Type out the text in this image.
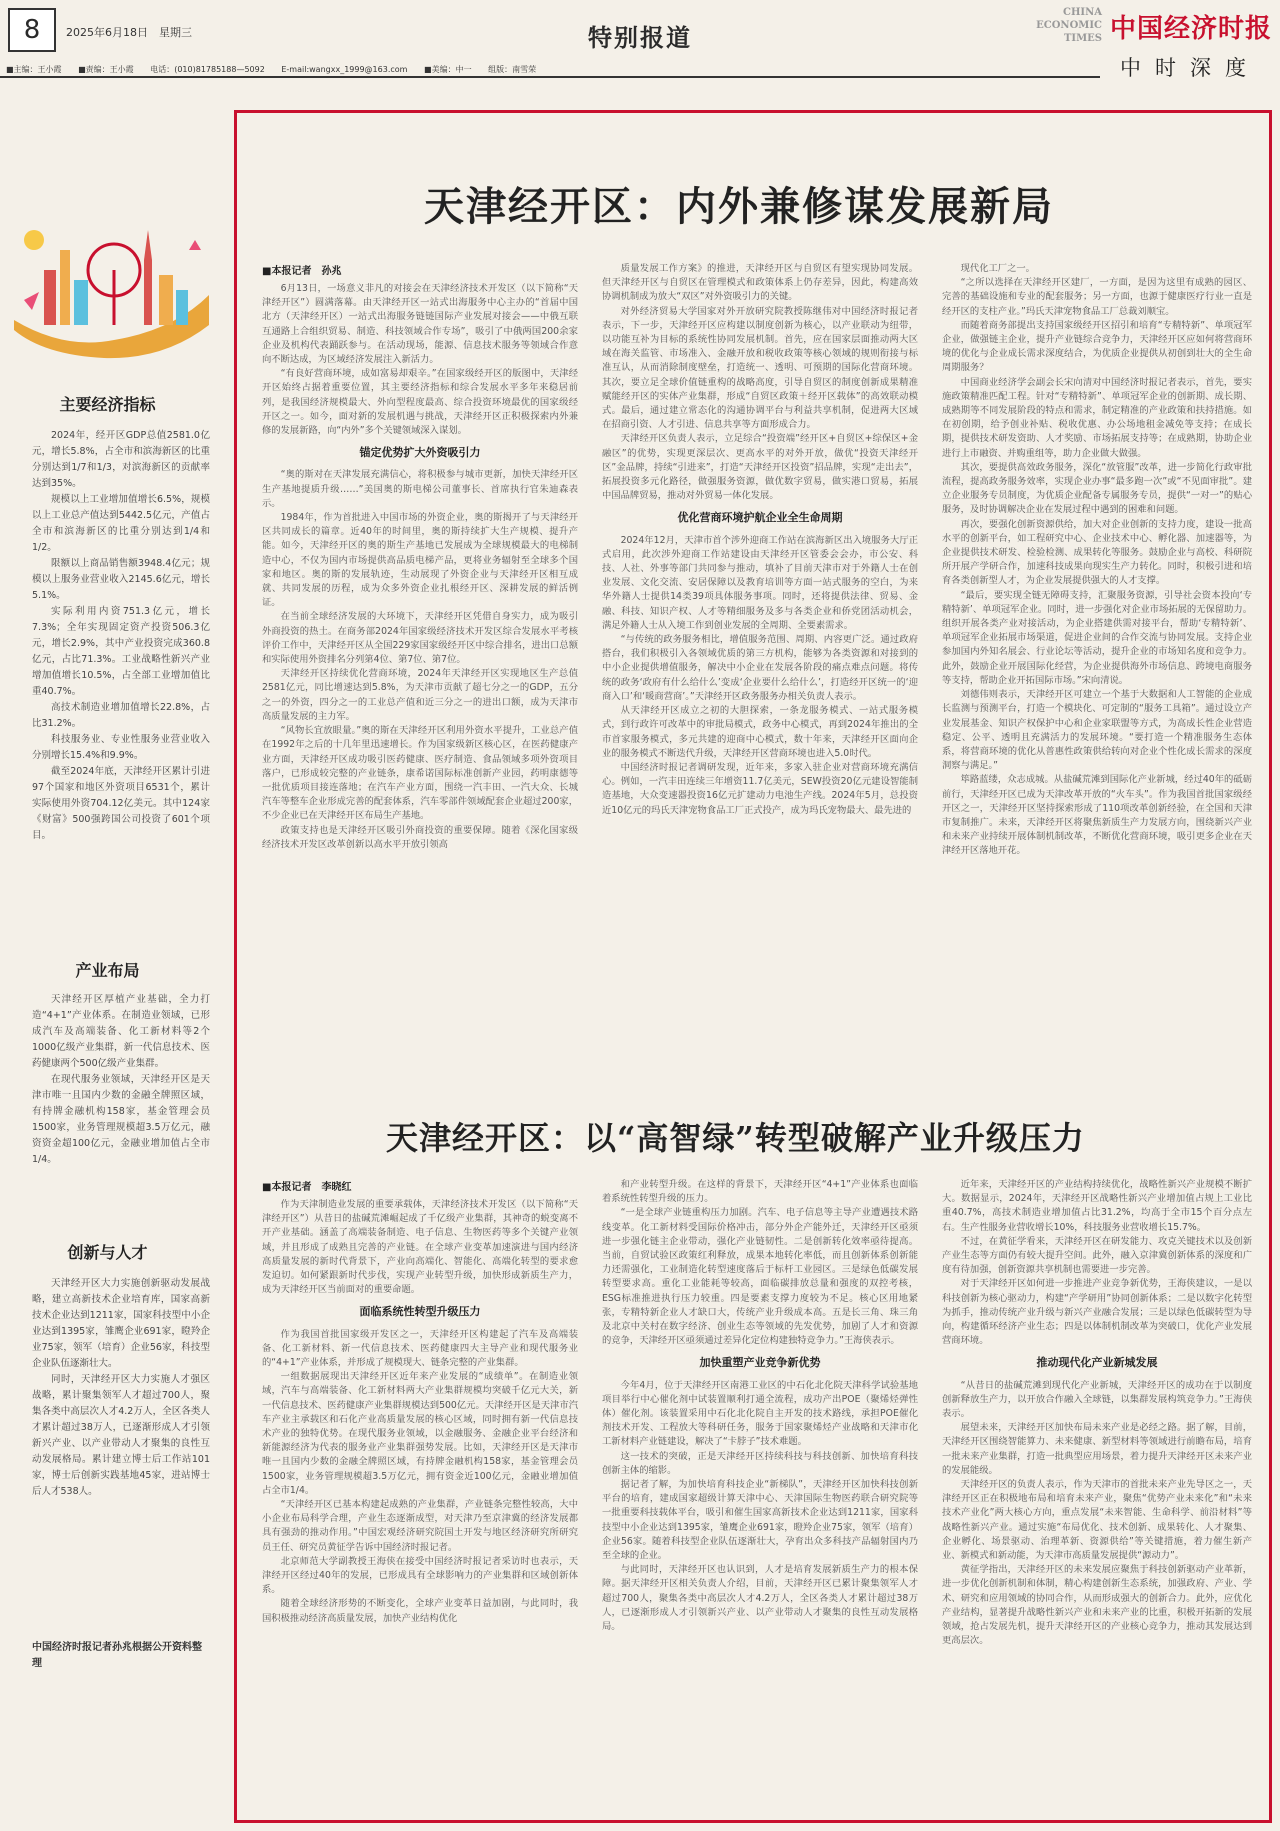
8	2025年6月18日　星期三	特别报道
CHINA ECONOMIC TIMES 中国经济时报
中时深度
■主编：王小霞 ■责编：王小霞 电话：(010)81785188—5092 E-mail:wangxx_1999@163.com ■美编：中一 组版：南雪荣
主要经济指标

2024年，经开区GDP总值2581.0亿元，增长5.8%，占全市和滨海新区的比重分别达到1/7和1/3，对滨海新区的贡献率达到35%。

规模以上工业增加值增长6.5%，规模以上工业总产值达到5442.5亿元，产值占全市和滨海新区的比重分别达到1/4和1/2。

限额以上商品销售额3948.4亿元；规模以上服务业营业收入2145.6亿元，增长5.1%。

实际利用内资751.3亿元，增长7.3%；全年实现固定资产投资506.3亿元，增长2.9%，其中产业投资完成360.8亿元，占比71.3%。工业战略性新兴产业增加值增长10.5%，占全部工业增加值比重40.7%。

高技术制造业增加值增长22.8%，占比31.2%。

科技服务业、专业性服务业营业收入分别增长15.4%和9.9%。

截至2024年底，天津经开区累计引进97个国家和地区外资项目6531个，累计实际使用外资704.12亿美元。其中124家《财富》500强跨国公司投资了601个项目。

产业布局

天津经开区厚植产业基础，全力打造“4+1”产业体系。在制造业领域，已形成汽车及高端装备、化工新材料等2个1000亿级产业集群，新一代信息技术、医药健康两个500亿级产业集群。

在现代服务业领域，天津经开区是天津市唯一且国内少数的金融全牌照区域，有持牌金融机构158家，基金管理会员1500家，业务管理规模超3.5万亿元，融资资金超100亿元，金融业增加值占全市1/4。

创新与人才

天津经开区大力实施创新驱动发展战略，建立高新技术企业培育库，国家高新技术企业达到1211家，国家科技型中小企业达到1395家，雏鹰企业691家，瞪羚企业75家，领军（培育）企业56家，科技型企业队伍逐渐壮大。

同时，天津经开区大力实施人才强区战略，累计聚集领军人才超过700人，聚集各类中高层次人才4.2万人，全区各类人才累计超过38万人，已逐渐形成人才引领新兴产业、以产业带动人才聚集的良性互动发展格局。累计建立博士后工作站101家，博士后创新实践基地45家，进站博士后人才538人。

中国经济时报记者孙兆根据公开资料整理
天津经开区：内外兼修谋发展新局
■本报记者　孙兆

6月13日，一场意义非凡的对接会在天津经济技术开发区（以下简称“天津经开区”）圆满落幕。由天津经开区一站式出海服务中心主办的“首届中国北方（天津经开区）一站式出海服务链链国际产业发展对接会——中俄互联互通路上合组织贸易、制造、科技领域合作专场”，吸引了中俄两国200余家企业及机构代表踊跃参与。在活动现场，能源、信息技术服务等领域合作意向不断达成，为区域经济发展注入新活力。

“有良好营商环境，成如富易却艰辛。”在国家级经开区的版图中，天津经开区始终占据着重要位置，其主要经济指标和综合发展水平多年来稳居前列，是我国经济规模最大、外向型程度最高、综合投资环境最优的国家级经开区之一。如今，面对新的发展机遇与挑战，天津经开区正积极探索内外兼修的发展新路，向“内外”多个关键领域深入谋划。

锚定优势扩大外资吸引力

“奥的斯对在天津发展充满信心，将积极参与城市更新，加快天津经开区生产基地提质升级……”美国奥的斯电梯公司董事长、首席执行官朱迪森表示。

1984年，作为首批进入中国市场的外资企业，奥的斯揭开了与天津经开区共同成长的篇章。近40年的时间里，奥的斯持续扩大生产规模、提升产能。如今，天津经开区的奥的斯生产基地已发展成为全球规模最大的电梯制造中心，不仅为国内市场提供高品质电梯产品，更将业务辐射至全球多个国家和地区。奥的斯的发展轨迹，生动展现了外资企业与天津经开区相互成就、共同发展的历程，成为众多外资企业扎根经开区、深耕发展的鲜活例证。

在当前全球经济发展的大环境下，天津经开区凭借自身实力，成为吸引外商投资的热土。在商务部2024年国家级经济技术开发区综合发展水平考核评价工作中，天津经开区从全国229家国家级经开区中综合排名，进出口总额和实际使用外资排名分列第4位、第7位、第7位。

天津经开区持续优化营商环境，2024年天津经开区实现地区生产总值2581亿元，同比增速达到5.8%，为天津市贡献了超七分之一的GDP，五分之一的外资，四分之一的工业总产值和近三分之一的进出口额，成为天津市高质量发展的主力军。

“风物长宜放眼量。”奥的斯在天津经开区利用外资水平提升，工业总产值在1992年之后的十几年里迅速增长。作为国家级新区核心区，在医药健康产业方面，天津经开区成功吸引医药健康、医疗制造、食品领域多项外资项目落户，已形成较完整的产业链条，康希诺国际标准创新产业园，药明康德等一批优质项目接连落地；在汽车产业方面，围绕一汽丰田、一汽大众、长城汽车等整车企业形成完善的配套体系，汽车零部件领域配套企业超过200家，不少企业已在天津经开区布局生产基地。

政策支持也是天津经开区吸引外商投资的重要保障。随着《深化国家级经济技术开发区改革创新以高水平开放引领高

质量发展工作方案》的推进，天津经开区与自贸区有望实现协同发展。但天津经开区与自贸区在管理模式和政策体系上仍存差异，因此，构建高效协调机制成为放大“双区”对外资吸引力的关键。

对外经济贸易大学国家对外开放研究院教授陈继伟对中国经济时报记者表示，下一步，天津经开区应构建以制度创新为核心，以产业联动为纽带，以功能互补为目标的系统性协同发展机制。首先，应在国家层面推动两大区域在海关监管、市场准入、金融开放和税收政策等核心领域的规则衔接与标准互认，从而消除制度壁垒，打造统一、透明、可预期的国际化营商环境。其次，要立足全球价值链重构的战略高度，引导自贸区的制度创新成果精准赋能经开区的实体产业集群，形成“自贸区政策＋经开区载体”的高效联动模式。最后，通过建立常态化的沟通协调平台与利益共享机制，促进两大区域在招商引资、人才引进、信息共享等方面形成合力。

天津经开区负责人表示，立足综合“投资端”经开区+自贸区+综保区+金融区”的优势，实现更深层次、更高水平的对外开放，做优“投资天津经开区”金品牌，持续“引进来”，打造“天津经开区投资”招品牌，实现“走出去”，拓展投资多元化路径，做强服务资源，做优数字贸易，做实港口贸易，拓展中国品牌贸易，推动对外贸易一体化发展。

优化营商环境护航企业全生命周期

2024年12月，天津市首个涉外迎商工作站在滨海新区出入境服务大厅正式启用，此次涉外迎商工作站建设由天津经开区管委会会办，市公安、科技、人社、外事等部门共同参与推动，填补了目前天津市对于外籍人士在创业发展、文化交流、安居保障以及教育培训等方面一站式服务的空白，为来华外籍人士提供14类39项具体服务事项。同时，还将提供法律、贸易、金融、科技、知识产权、人才等精细服务及多与各类企业和侨党团活动机会，满足外籍人士从入境工作到创业发展的全周期、全要素需求。

“与传统的政务服务相比，增值服务范围、周期、内容更广泛。通过政府搭台，我们积极引入各领域优质的第三方机构，能够为各类资源和对接到的中小企业提供增值服务，解决中小企业在发展各阶段的痛点难点问题。将传统的政务‘政府有什么给什么’变成‘企业要什么给什么’，打造经开区统一的‘迎商入口’和‘暖商营商’。”天津经开区政务服务办相关负责人表示。

从天津经开区成立之初的大胆探索，一条龙服务模式、一站式服务模式，到行政许可改革中的审批局模式，政务中心模式，再到2024年推出的全市首家服务模式，多元共建的迎商中心模式，数十年来，天津经开区面向企业的服务模式不断迭代升级，天津经开区营商环境也进入5.0时代。

中国经济时报记者调研发现，近年来，多家入驻企业对营商环境充满信心。例如，一汽丰田连续三年增资11.7亿美元，SEW投资20亿元建设智能制造基地，大众变速器投资16亿元扩建动力电池生产线。2024年5月，总投资近10亿元的玛氏天津宠物食品工厂正式投产，成为玛氏宠物最大、最先进的

现代化工厂之一。

“之所以选择在天津经开区建厂，一方面，是因为这里有成熟的园区、完善的基础设施和专业的配套服务；另一方面，也源于健康医疗行业一直是经开区的支柱产业。”玛氏天津宠物食品工厂总裁刘顺宝。

而随着商务部提出支持国家级经开区招引和培育“专精特新”、单项冠军企业，做强链主企业，提升产业链综合竞争力，天津经开区应如何将营商环境的优化与企业成长需求深度结合，为优质企业提供从初创到壮大的全生命周期服务？

中国商业经济学会副会长宋向清对中国经济时报记者表示，首先，要实施政策精准匹配工程。针对“专精特新”、单项冠军企业的创新期、成长期、成熟期等不同发展阶段的特点和需求，制定精准的产业政策和扶持措施。如在初创期，给予创业补贴、税收优惠、办公场地租金减免等支持；在成长期，提供技术研发资助、人才奖励、市场拓展支持等；在成熟期，协助企业进行上市融资、并购重组等，助力企业做大做强。

其次，要提供高效政务服务，深化“放管服”改革，进一步简化行政审批流程，提高政务服务效率，实现企业办事“最多跑一次”或“不见面审批”。建立企业服务专员制度，为优质企业配备专属服务专员，提供“一对一”的贴心服务，及时协调解决企业在发展过程中遇到的困难和问题。

再次，要强化创新资源供给，加大对企业创新的支持力度，建设一批高水平的创新平台，如工程研究中心、企业技术中心、孵化器、加速器等，为企业提供技术研发、检验检测、成果转化等服务。鼓励企业与高校、科研院所开展产学研合作，加速科技成果向现实生产力转化。同时，积极引进和培育各类创新型人才，为企业发展提供强大的人才支撑。

“最后，要实现全链无障碍支持，汇聚服务资源，引导社会资本投向‘专精特新’、单项冠军企业。同时，进一步强化对企业市场拓展的无保留助力。组织开展各类产业对接活动，为企业搭建供需对接平台，帮助‘专精特新’、单项冠军企业拓展市场渠道，促进企业间的合作交流与协同发展。支持企业参加国内外知名展会、行业论坛等活动，提升企业的市场知名度和竞争力。此外，鼓励企业开展国际化经营，为企业提供海外市场信息、跨境电商服务等支持，帮助企业开拓国际市场。”宋向清说。

刘德伟则表示，天津经开区可建立一个基于大数据和人工智能的企业成长监测与预测平台，打造一个模块化、可定制的“服务工具箱”。通过设立产业发展基金、知识产权保护中心和企业家联盟等方式，为高成长性企业营造稳定、公平、透明且充满活力的发展环境。“要打造一个精准服务生态体系，将营商环境的优化从普惠性政策供给转向对企业个性化成长需求的深度洞察与满足。”

筚路蓝缕，众志成城。从盐碱荒滩到国际化产业新城，经过40年的砥砺前行，天津经开区已成为天津改革开放的“火车头”。作为我国首批国家级经开区之一，天津经开区坚持探索形成了110项改革创新经验，在全国和天津市复制推广。未来，天津经开区将聚焦新质生产力发展方向，围绕新兴产业和未来产业持续开展体制机制改革，不断优化营商环境，吸引更多企业在天津经开区落地开花。

天津经开区：以“高智绿”转型破解产业升级压力
■本报记者　李晓红

作为天津制造业发展的重要承载体，天津经济技术开发区（以下简称“天津经开区”）从昔日的盐碱荒滩崛起成了千亿级产业集群，其神奇的蜕变离不开产业基础。涵盖了高端装备制造、电子信息、生物医药等多个关键产业领域，并且形成了成熟且完善的产业链。在全球产业变革加速演进与国内经济高质量发展的新时代背景下，产业向高端化、智能化、高端化转型的要求愈发迫切。如何紧跟新时代步伐，实现产业转型升级，加快形成新质生产力，成为天津经开区当前面对的重要命题。

面临系统性转型升级压力

作为我国首批国家级开发区之一，天津经开区构建起了汽车及高端装备、化工新材料、新一代信息技术、医药健康四大主导产业和现代服务业的“4+1”产业体系，并形成了规模现大、链条完整的产业集群。

一组数据展现出天津经开区近年来产业发展的“成绩单”。在制造业领域，汽车与高端装备、化工新材料两大产业集群规模均突破千亿元大关，新一代信息技术、医药健康产业集群规模达到500亿元。天津经开区是天津市汽车产业主承载区和石化产业高质量发展的核心区域，同时拥有新一代信息技术产业的独特优势。在现代服务业领域，以金融服务、金融企业平台经济和新能源经济为代表的服务业产业集群强势发展。比如，天津经开区是天津市唯一且国内少数的金融全牌照区域，有持牌金融机构158家，基金管理会员1500家，业务管理规模超3.5万亿元，拥有资金近100亿元，金融业增加值占全市1/4。

“天津经开区已基本构建起成熟的产业集群，产业链条完整性较高，大中小企业布局科学合理，产业生态逐渐成型，对天津乃至京津冀的经济发展都具有强劲的推动作用。”中国宏观经济研究院国土开发与地区经济研究所研究员王任、研究员黄征学告诉中国经济时报记者。

北京师范大学副教授王海侠在接受中国经济时报记者采访时也表示，天津经开区经过40年的发展，已形成具有全球影响力的产业集群和区域创新体系。

随着全球经济形势的不断变化，全球产业变革日益加剧，与此同时，我国积极推动经济高质量发展，加快产业结构优化

和产业转型升级。在这样的背景下，天津经开区“4+1”产业体系也面临着系统性转型升级的压力。

“一是全球产业链重构压力加剧。汽车、电子信息等主导产业遭遇技术路线变革。化工新材料受国际价格冲击，部分外企产能外迁，天津经开区亟须进一步强化链主企业带动，强化产业链韧性。二是创新转化效率亟待提高。当前，自贸试验区政策红利释放，成果本地转化率低，而且创新体系创新能力还需强化，工业制造化转型速度落后于标杆工业园区。三是绿色低碳发展转型要求高。重化工业能耗等较高，面临碳排放总量和强度的双控考核，ESG标准推进执行压力较重。四是要素支撑力度较为不足。核心区用地紧张，专精特新企业人才缺口大，传统产业升级成本高。五是长三角、珠三角及北京中关村在数字经济、创业生态等领域的先发优势，加剧了人才和资源的竞争，天津经开区亟须通过差异化定位构建独特竞争力。”王海侠表示。

加快重塑产业竞争新优势

今年4月，位于天津经开区南港工业区的中石化北化院天津科学试验基地项目举行中心催化剂中试装置顺利打通全流程，成功产出POE（聚烯烃弹性体）催化剂。该装置采用中石化北化院自主开发的技术路线，承担POE催化剂技术开发、工程放大等科研任务，服务于国家聚烯烃产业战略和天津市化工新材料产业链建设，解决了“卡脖子”技术难题。

这一技术的突破，正是天津经开区持续科技与科技创新、加快培育科技创新主体的缩影。

据记者了解，为加快培育科技企业“新梯队”，天津经开区加快科技创新平台的培育，建成国家超级计算天津中心、天津国际生物医药联合研究院等一批重要科技载体平台，吸引和催生国家高新技术企业达到1211家，国家科技型中小企业达到1395家，雏鹰企业691家，瞪羚企业75家，领军（培育）企业56家。随着科技型企业队伍逐渐壮大，孕育出众多科技产品辐射国内乃至全球的企业。

与此同时，天津经开区也认识到，人才是培育发展新质生产力的根本保障。据天津经开区相关负责人介绍，目前，天津经开区已累计聚集领军人才超过700人，聚集各类中高层次人才4.2万人，全区各类人才累计超过38万人，已逐渐形成人才引领新兴产业、以产业带动人才聚集的良性互动发展格局。

近年来，天津经开区的产业结构持续优化，战略性新兴产业规模不断扩大。数据显示，2024年，天津经开区战略性新兴产业增加值占规上工业比重40.7%，高技术制造业增加值占比31.2%，均高于全市15个百分点左右。生产性服务业营收增长10%，科技服务业营收增长15.7%。

不过，在黄征学看来，天津经开区在研发能力、攻克关键技术以及创新产业生态等方面仍有较大提升空间。此外，融入京津冀创新体系的深度和广度有待加强，创新资源共享机制也需要进一步完善。

对于天津经开区如何进一步推进产业竞争新优势，王海侠建议，一是以科技创新为核心驱动力，构建“产学研用”协同创新体系；二是以数字化转型为抓手，推动传统产业升级与新兴产业融合发展；三是以绿色低碳转型为导向，构建循环经济产业生态；四是以体制机制改革为突破口，优化产业发展营商环境。

推动现代化产业新城发展

“从昔日的盐碱荒滩到现代化产业新城，天津经开区的成功在于以制度创新释放生产力，以开放合作融入全球链，以集群发展构筑竞争力。”王海侠表示。

展望未来，天津经开区加快布局未来产业是必经之路。据了解，目前，天津经开区围绕智能算力、未来健康、新型材料等领域进行前瞻布局，培育一批未来产业集群，打造一批典型应用场景，着力提升天津经开区未来产业的发展能级。

天津经开区的负责人表示，作为天津市的首批未来产业先导区之一，天津经开区正在积极地布局和培育未来产业，聚焦“优势产业未来化”和“未来技术产业化”两大核心方向，重点发展“未来智能、生命科学、前沿材料”等战略性新兴产业。通过实施“布局优化、技术创新、成果转化、人才聚集、企业孵化、场景驱动、治理革新、资源供给”等关键措施，着力催生新产业、新模式和新动能，为天津市高质量发展提供“源动力”。

黄征学指出，天津经开区的未来发展应聚焦于科技创新驱动产业革新，进一步优化创新机制和体制，精心构建创新生态系统，加强政府、产业、学术、研究和应用领域的协同合作，从而形成强大的创新合力。此外，应优化产业结构，显著提升战略性新兴产业和未来产业的比重，积极开拓新的发展领域，抢占发展先机，提升天津经开区的产业核心竞争力，推动其发展达到更高层次。
